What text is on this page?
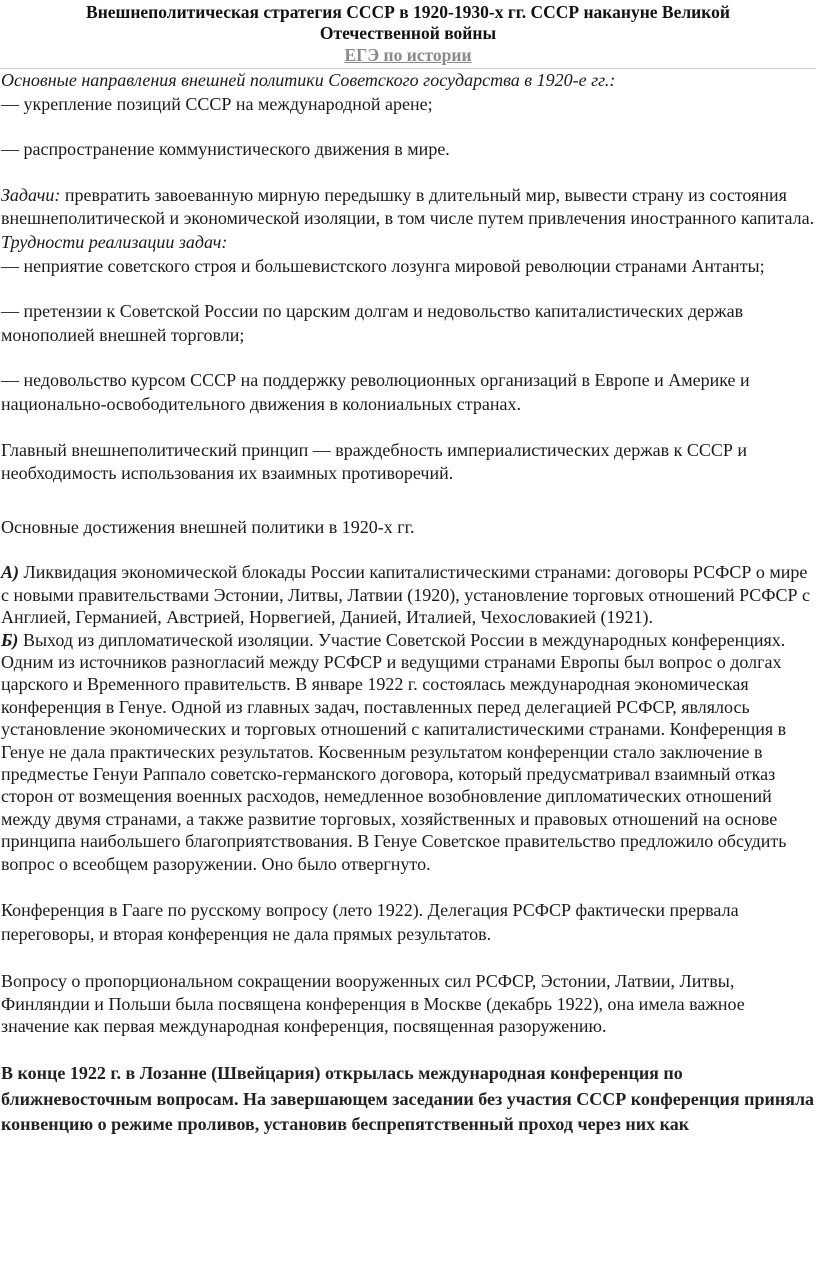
Внешнеполитическая стратегия СССР в 1920-1930-х гг. СССР накануне Великой Отечественной войны
ЕГЭ по истории

Основные направления внешней политики Советского государства в 1920-е гг.:

— укрепление позиций СССР на международной арене;

— распространение коммунистического движения в мире.

Задачи: превратить завоеванную мирную передышку в длительный мир, вывести страну из состояния внешнеполитической и экономической изоляции, в том числе путем привлечения иностранного капитала.

Трудности реализации задач:

— неприятие советского строя и большевистского лозунга мировой революции странами Антанты;

— претензии к Советской России по царским долгам и недовольство капиталистических держав монополией внешней торговли;

— недовольство курсом СССР на поддержку революционных организаций в Европе и Америке и национально-освободительного движения в колониальных странах.

Главный внешнеполитический принцип — враждебность империалистических держав к СССР и необходимость использования их взаимных противоречий.

Основные достижения внешней политики в 1920-х гг.

А) Ликвидация экономической блокады России капиталистическими странами: договоры РСФСР о мире с новыми правительствами Эстонии, Литвы, Латвии (1920), установление торговых отношений РСФСР с Англией, Германией, Австрией, Норвегией, Данией, Италией, Чехословакией (1921).

Б) Выход из дипломатической изоляции. Участие Советской России в международных конференциях.

Одним из источников разногласий между РСФСР и ведущими странами Европы был вопрос о долгах царского и Временного правительств. В январе 1922 г. состоялась международная экономическая конференция в Генуе. Одной из главных задач, поставленных перед делегацией РСФСР, являлось установление экономических и торговых отношений с капиталистическими странами. Конференция в Генуе не дала практических результатов. Косвенным результатом конференции стало заключение в предместье Генуи Раппало советско-германского договора, который предусматривал взаимный отказ сторон от возмещения военных расходов, немедленное возобновление дипломатических отношений между двумя странами, а также развитие торговых, хозяйственных и правовых отношений на основе принципа наибольшего благоприятствования. В Генуе Советское правительство предложило обсудить вопрос о всеобщем разоружении. Оно было отвергнуто.

Конференция в Гааге по русскому вопросу (лето 1922). Делегация РСФСР фактически прервала переговоры, и вторая конференция не дала прямых результатов.

Вопросу о пропорциональном сокращении вооруженных сил РСФСР, Эстонии, Латвии, Литвы, Финляндии и Польши была посвящена конференция в Москве (декабрь 1922), она имела важное значение как первая международная конференция, посвященная разоружению.

В конце 1922 г. в Лозанне (Швейцария) открылась международная конференция по ближневосточным вопросам. На завершающем заседании без участия СССР конференция приняла конвенцию о режиме проливов, установив беспрепятственный проход через них как
